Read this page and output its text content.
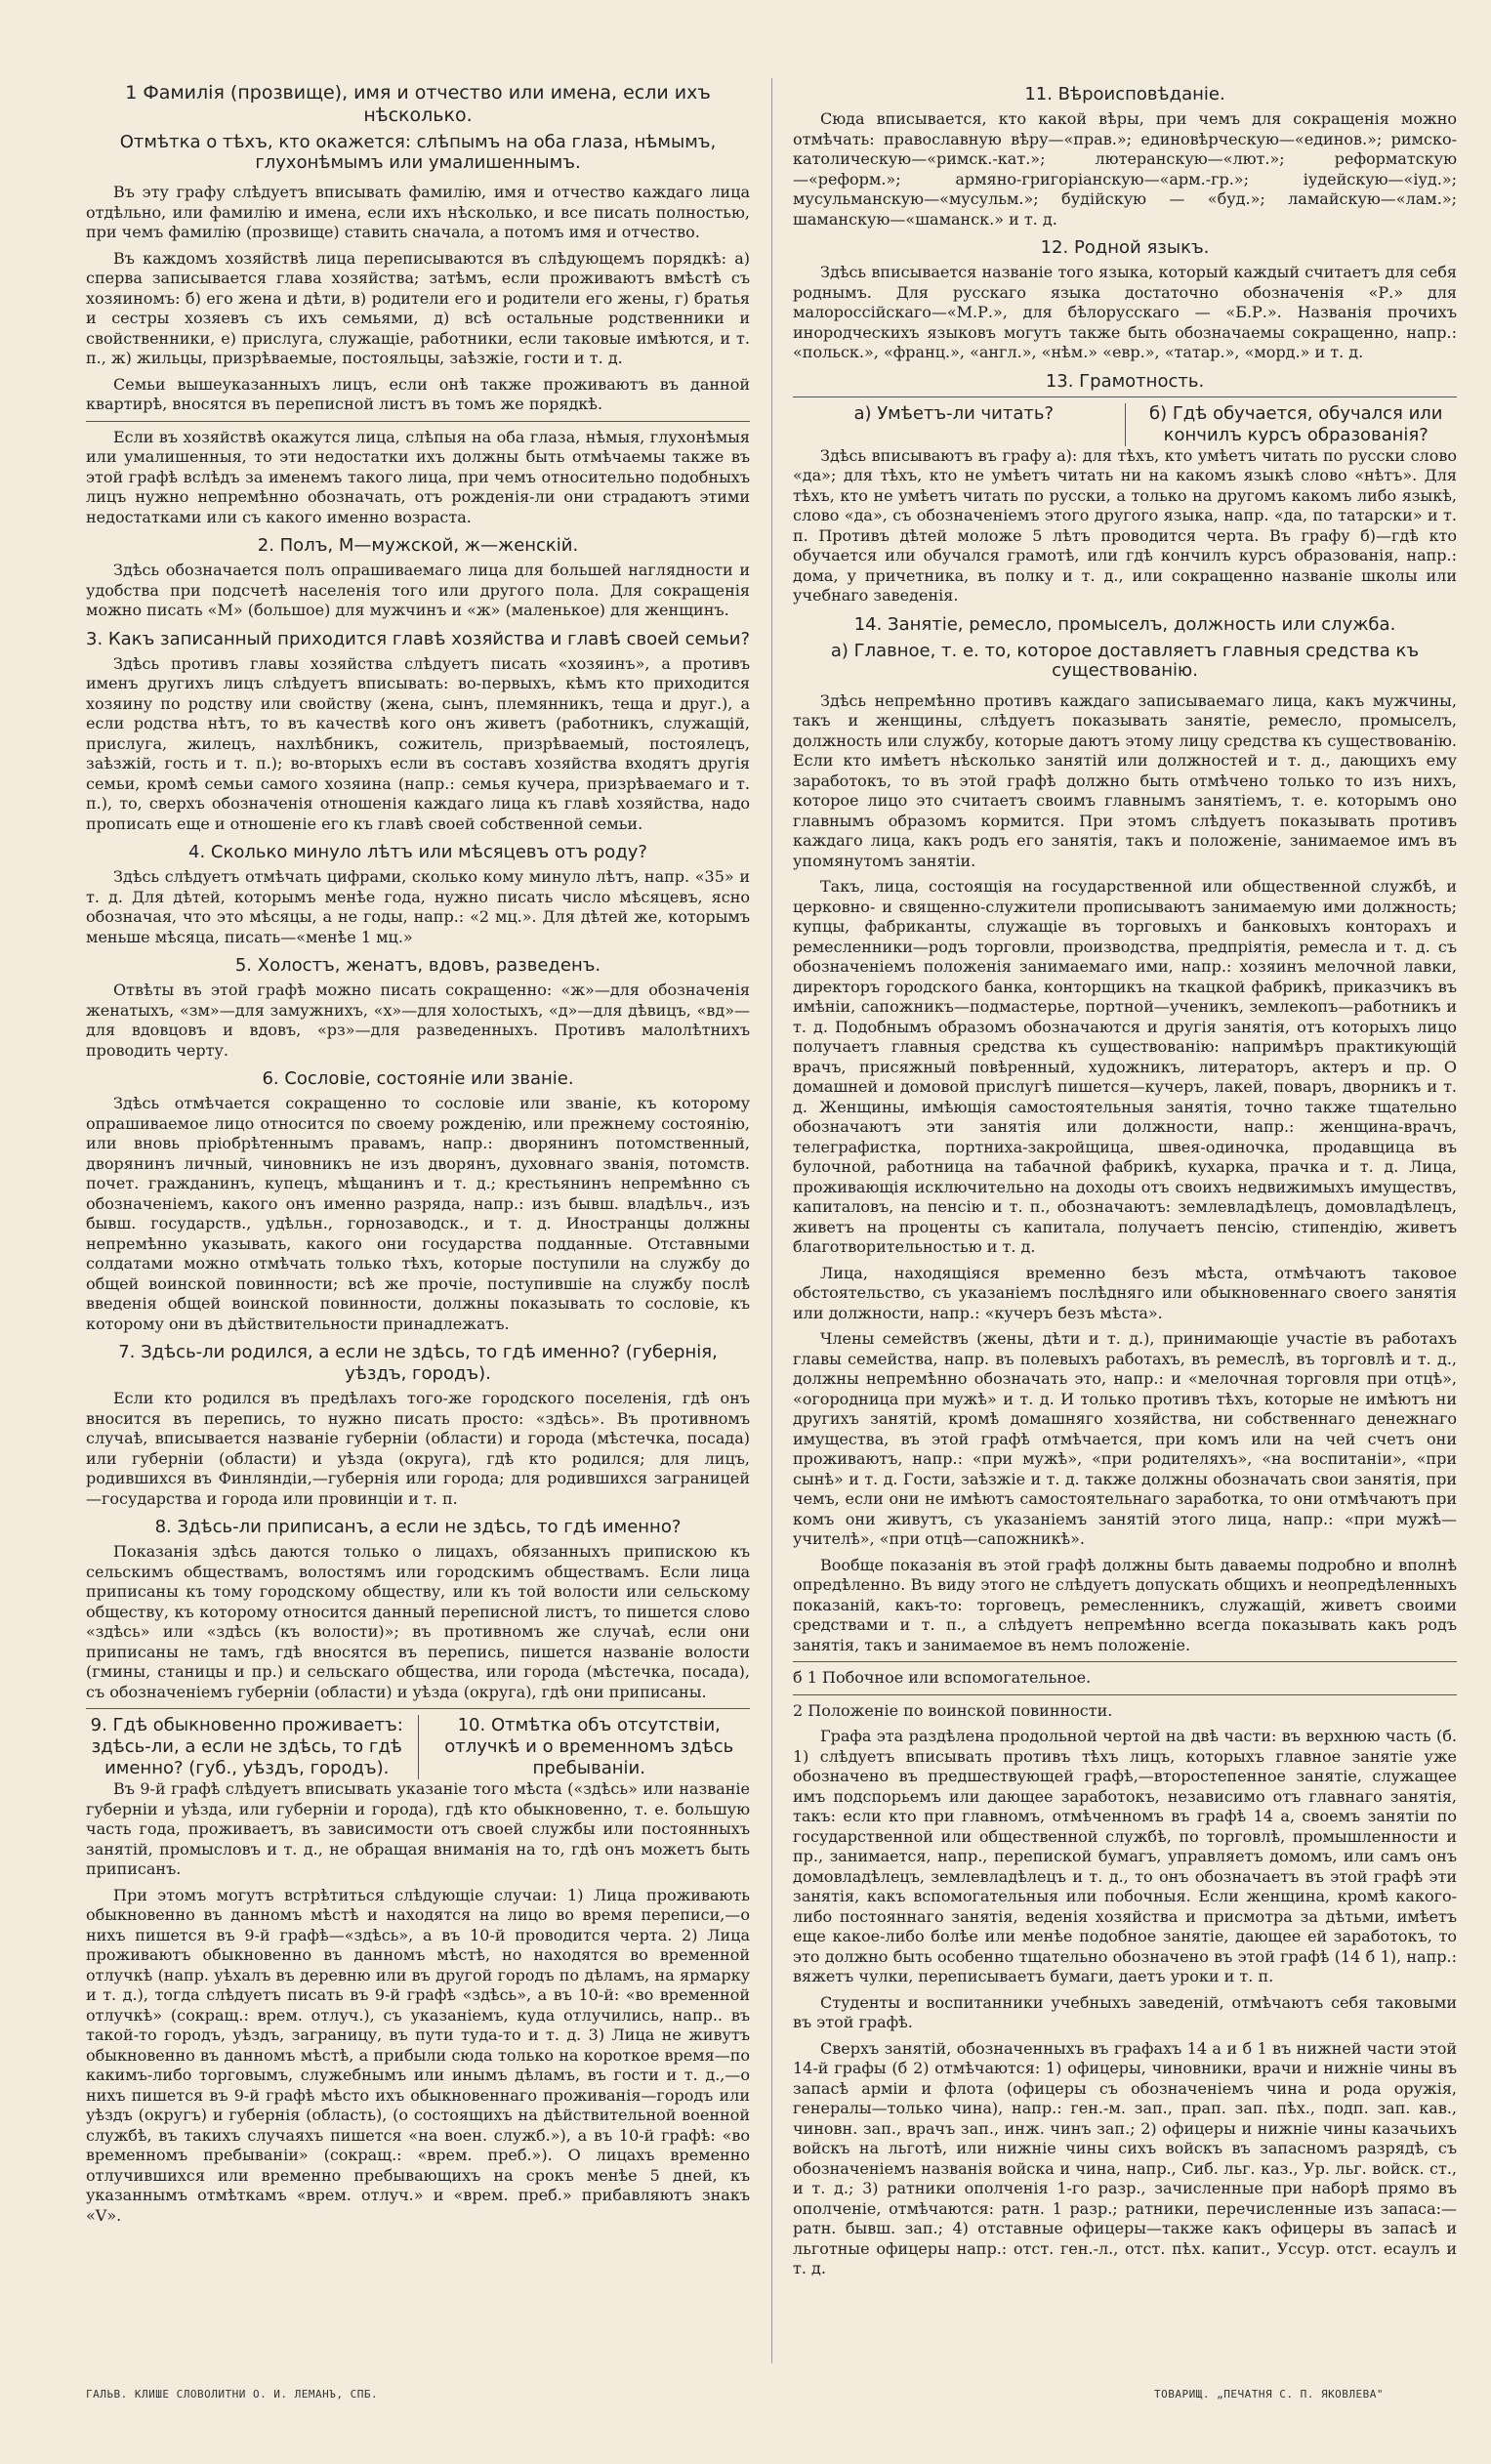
1 Фамилія (прозвище), имя и отчество или имена, если ихъ нѣсколько.
Отмѣтка о тѣхъ, кто окажется: слѣпымъ на оба глаза, нѣмымъ, глухонѣмымъ или умалишеннымъ.

Въ эту графу слѣдуетъ вписывать фамилію, имя и отчество каждаго лица отдѣльно, или фамилію и имена, если ихъ нѣсколько, и все писать полностью, при чемъ фамилію (прозвище) ставить сначала, а потомъ имя и отчество.

Въ каждомъ хозяйствѣ лица переписываются въ слѣдующемъ порядкѣ: а) сперва записывается глава хозяйства; затѣмъ, если проживаютъ вмѣстѣ съ хозяиномъ: б) его жена и дѣти, в) родители его и родители его жены, г) братья и сестры хозяевъ съ ихъ семьями, д) всѣ остальные родственники и свойственники, е) прислуга, служащіе, работники, если таковые имѣются, и т. п., ж) жильцы, призрѣваемые, постояльцы, заѣзжіе, гости и т. д.

Семьи вышеуказанныхъ лицъ, если онѣ также проживаютъ въ данной квартирѣ, вносятся въ переписной листъ въ томъ же порядкѣ.

Если въ хозяйствѣ окажутся лица, слѣпыя на оба глаза, нѣмыя, глухонѣмыя или умалишенныя, то эти недостатки ихъ должны быть отмѣчаемы также въ этой графѣ вслѣдъ за именемъ такого лица, при чемъ относительно подобныхъ лицъ нужно непремѣнно обозначать, отъ рожденія-ли они страдаютъ этими недостатками или съ какого именно возраста.

2. Полъ, М—мужской, ж—женскій.

Здѣсь обозначается полъ опрашиваемаго лица для большей наглядности и удобства при подсчетѣ населенія того или другого пола. Для сокращенія можно писать «М» (большое) для мужчинъ и «ж» (маленькое) для женщинъ.

3. Какъ записанный приходится главѣ хозяйства и главѣ своей семьи?

Здѣсь противъ главы хозяйства слѣдуетъ писать «хозяинъ», а противъ именъ другихъ лицъ слѣдуетъ вписывать: во-первыхъ, кѣмъ кто приходится хозяину по родству или свойству (жена, сынъ, племянникъ, теща и друг.), а если родства нѣтъ, то въ качествѣ кого онъ живетъ (работникъ, служащій, прислуга, жилецъ, нахлѣбникъ, сожитель, призрѣваемый, постоялецъ, заѣзжій, гость и т. п.); во-вторыхъ если въ составъ хозяйства входятъ другія семьи, кромѣ семьи самого хозяина (напр.: семья кучера, призрѣваемаго и т. п.), то, сверхъ обозначенія отношенія каждаго лица къ главѣ хозяйства, надо прописать еще и отношеніе его къ главѣ своей собственной семьи.

4. Сколько минуло лѣтъ или мѣсяцевъ отъ роду?

Здѣсь слѣдуетъ отмѣчать цифрами, сколько кому минуло лѣтъ, напр. «35» и т. д. Для дѣтей, которымъ менѣе года, нужно писать число мѣсяцевъ, ясно обозначая, что это мѣсяцы, а не годы, напр.: «2 мц.». Для дѣтей же, которымъ меньше мѣсяца, писать—«менѣе 1 мц.»

5. Холостъ, женатъ, вдовъ, разведенъ.

Отвѣты въ этой графѣ можно писать сокращенно: «ж»—для обозначенія женатыхъ, «зм»—для замужнихъ, «х»—для холостыхъ, «д»—для дѣвицъ, «вд»—для вдовцовъ и вдовъ, «рз»—для разведенныхъ. Противъ малолѣтнихъ проводить черту.

6. Сословіе, состояніе или званіе.

Здѣсь отмѣчается сокращенно то сословіе или званіе, къ которому опрашиваемое лицо относится по своему рожденію, или прежнему состоянію, или вновь пріобрѣтеннымъ правамъ, напр.: дворянинъ потомственный, дворянинъ личный, чиновникъ не изъ дворянъ, духовнаго званія, потомств. почет. гражданинъ, купецъ, мѣщанинъ и т. д.; крестьянинъ непремѣнно съ обозначеніемъ, какого онъ именно разряда, напр.: изъ бывш. владѣльч., изъ бывш. государств., удѣльн., горнозаводск., и т. д. Иностранцы должны непремѣнно указывать, какого они государства подданные. Отставными солдатами можно отмѣчать только тѣхъ, которые поступили на службу до общей воинской повинности; всѣ же прочіе, поступившіе на службу послѣ введенія общей воинской повинности, должны показывать то сословіе, къ которому они въ дѣйствительности принадлежатъ.

7. Здѣсь-ли родился, а если не здѣсь, то гдѣ именно? (губернія, уѣздъ, городъ).

Если кто родился въ предѣлахъ того-же городского поселенія, гдѣ онъ вносится въ перепись, то нужно писать просто: «здѣсь». Въ противномъ случаѣ, вписывается названіе губерніи (области) и города (мѣстечка, посада) или губерніи (области) и уѣзда (округа), гдѣ кто родился; для лицъ, родившихся въ Финляндіи,—губернія или города; для родившихся заграницей—государства и города или провинціи и т. п.

8. Здѣсь-ли приписанъ, а если не здѣсь, то гдѣ именно?

Показанія здѣсь даются только о лицахъ, обязанныхъ припискою къ сельскимъ обществамъ, волостямъ или городскимъ обществамъ. Если лица приписаны къ тому городскому обществу, или къ той волости или сельскому обществу, къ которому относится данный переписной листъ, то пишется слово «здѣсь» или «здѣсь (къ волости)»; въ противномъ же случаѣ, если они приписаны не тамъ, гдѣ вносятся въ перепись, пишется названіе волости (гмины, станицы и пр.) и сельскаго общества, или города (мѣстечка, посада), съ обозначеніемъ губерніи (области) и уѣзда (округа), гдѣ они приписаны.

9. Гдѣ обыкновенно проживаетъ: здѣсь-ли, а если не здѣсь, то гдѣ именно? (губ., уѣздъ, городъ).
10. Отмѣтка объ отсутствіи, отлучкѣ и о временномъ здѣсь пребываніи.

Въ 9-й графѣ слѣдуетъ вписывать указаніе того мѣста («здѣсь» или названіе губерніи и уѣзда, или губерніи и города), гдѣ кто обыкновенно, т. е. большую часть года, проживаетъ, въ зависимости отъ своей службы или постоянныхъ занятій, промысловъ и т. д., не обращая вниманія на то, гдѣ онъ можетъ быть приписанъ.

При этомъ могутъ встрѣтиться слѣдующіе случаи: 1) Лица проживають обыкновенно въ данномъ мѣстѣ и находятся на лицо во время переписи,—о нихъ пишется въ 9-й графѣ—«здѣсь», а въ 10-й проводится черта. 2) Лица проживаютъ обыкновенно въ данномъ мѣстѣ, но находятся во временной отлучкѣ (напр. уѣхалъ въ деревню или въ другой городъ по дѣламъ, на ярмарку и т. д.), тогда слѣдуетъ писать въ 9-й графѣ «здѣсь», а въ 10-й: «во временной отлучкѣ» (сокращ.: врем. отлуч.), съ указаніемъ, куда отлучились, напр.. въ такой-то городъ, уѣздъ, заграницу, въ пути туда-то и т. д. 3) Лица не живутъ обыкновенно въ данномъ мѣстѣ, а прибыли сюда только на короткое время—по какимъ-либо торговымъ, служебнымъ или инымъ дѣламъ, въ гости и т. д.,—о нихъ пишется въ 9-й графѣ мѣсто ихъ обыкновеннаго проживанія—городъ или уѣздъ (округъ) и губернія (область), (о состоящихъ на дѣйствительной военной службѣ, въ такихъ случаяхъ пишется «на воен. служб.»), а въ 10-й графѣ: «во временномъ пребываніи» (сокращ.: «врем. преб.»). О лицахъ временно отлучившихся или временно пребывающихъ на срокъ менѣе 5 дней, къ указаннымъ отмѣткамъ «врем. отлуч.» и «врем. преб.» прибавляютъ знакъ «V».

11. Вѣроисповѣданіе.

Сюда вписывается, кто какой вѣры, при чемъ для сокращенія можно отмѣчать: православную вѣру—«прав.»; единовѣрческую—«единов.»; римско-католическую—«римск.-кат.»; лютеранскую—«лют.»; реформатскую—«реформ.»; армяно-григоріанскую—«арм.-гр.»; іудейскую—«іуд.»; мусульманскую—«мусульм.»; будійскую — «буд.»; ламайскую—«лам.»; шаманскую—«шаманск.» и т. д.

12. Родной языкъ.

Здѣсь вписывается названіе того языка, который каждый считаетъ для себя роднымъ. Для русскаго языка достаточно обозначенія «Р.» для малороссійскаго—«М.Р.», для бѣлорусскаго — «Б.Р.». Названія прочихъ инородческихъ языковъ могутъ также быть обозначаемы сокращенно, напр.: «польск.», «франц.», «англ.», «нѣм.» «евр.», «татар.», «морд.» и т. д.

13. Грамотность.
а) Умѣетъ-ли читать?	б) Гдѣ обучается, обучался или кончилъ курсъ образованія?

Здѣсь вписываютъ въ графу а): для тѣхъ, кто умѣетъ читать по русски слово «да»; для тѣхъ, кто не умѣетъ читать ни на какомъ языкѣ слово «нѣтъ». Для тѣхъ, кто не умѣетъ читать по русски, а только на другомъ какомъ либо языкѣ, слово «да», съ обозначеніемъ этого другого языка, напр. «да, по татарски» и т. п. Противъ дѣтей моложе 5 лѣтъ проводится черта. Въ графу б)—гдѣ кто обучается или обучался грамотѣ, или гдѣ кончилъ курсъ образованія, напр.: дома, у причетника, въ полку и т. д., или сокращенно названіе школы или учебнаго заведенія.

14. Занятіе, ремесло, промыселъ, должность или служба.
а) Главное, т. е. то, которое доставляетъ главныя средства къ существованію.

Здѣсь непремѣнно противъ каждаго записываемаго лица, какъ мужчины, такъ и женщины, слѣдуетъ показывать занятіе, ремесло, промыселъ, должность или службу, которые даютъ этому лицу средства къ существованію. Если кто имѣетъ нѣсколько занятій или должностей и т. д., дающихъ ему заработокъ, то въ этой графѣ должно быть отмѣчено только то изъ нихъ, которое лицо это считаетъ своимъ главнымъ занятіемъ, т. е. которымъ оно главнымъ образомъ кормится. При этомъ слѣдуетъ показывать противъ каждаго лица, какъ родъ его занятія, такъ и положеніе, занимаемое имъ въ упомянутомъ занятіи.

Такъ, лица, состоящія на государственной или общественной службѣ, и церковно- и священно-служители прописываютъ занимаемую ими должность; купцы, фабриканты, служащіе въ торговыхъ и банковыхъ конторахъ и ремесленники—родъ торговли, производства, предпріятія, ремесла и т. д. съ обозначеніемъ положенія занимаемаго ими, напр.: хозяинъ мелочной лавки, директоръ городского банка, конторщикъ на ткацкой фабрикѣ, приказчикъ въ имѣніи, сапожникъ—подмастерье, портной—ученикъ, землекопъ—работникъ и т. д. Подобнымъ образомъ обозначаются и другія занятія, отъ которыхъ лицо получаетъ главныя средства къ существованію: напримѣръ практикующій врачъ, присяжный повѣренный, художникъ, литераторъ, актеръ и пр. О домашней и домовой прислугѣ пишется—кучеръ, лакей, поваръ, дворникъ и т. д. Женщины, имѣющія самостоятельныя занятія, точно также тщательно обозначаютъ эти занятія или должности, напр.: женщина-врачъ, телеграфистка, портниха-закройщица, швея-одиночка, продавщица въ булочной, работница на табачной фабрикѣ, кухарка, прачка и т. д. Лица, проживающія исключительно на доходы отъ своихъ недвижимыхъ имуществъ, капиталовъ, на пенсію и т. п., обозначаютъ: землевладѣлецъ, домовладѣлецъ, живетъ на проценты съ капитала, получаетъ пенсію, стипендію, живетъ благотворительностью и т. д.

Лица, находящіяся временно безъ мѣста, отмѣчаютъ таковое обстоятельство, съ указаніемъ послѣдняго или обыкновеннаго своего занятія или должности, напр.: «кучеръ безъ мѣста».

Члены семействъ (жены, дѣти и т. д.), принимающіе участіе въ работахъ главы семейства, напр. въ полевыхъ работахъ, въ ремеслѣ, въ торговлѣ и т. д., должны непремѣнно обозначать это, напр.: и «мелочная торговля при отцѣ», «огородница при мужѣ» и т. д. И только противъ тѣхъ, которые не имѣютъ ни другихъ занятій, кромѣ домашняго хозяйства, ни собственнаго денежнаго имущества, въ этой графѣ отмѣчается, при комъ или на чей счетъ они проживаютъ, напр.: «при мужѣ», «при родителяхъ», «на воспитаніи», «при сынѣ» и т. д. Гости, заѣзжіе и т. д. также должны обозначать свои занятія, при чемъ, если они не имѣютъ самостоятельнаго заработка, то они отмѣчаютъ при комъ они живутъ, съ указаніемъ занятій этого лица, напр.: «при мужѣ—учителѣ», «при отцѣ—сапожникѣ».

Вообще показанія въ этой графѣ должны быть даваемы подробно и вполнѣ опредѣленно. Въ виду этого не слѣдуетъ допускать общихъ и неопредѣленныхъ показаній, какъ-то: торговецъ, ремесленникъ, служащій, живетъ своими средствами и т. п., а слѣдуетъ непремѣнно всегда показывать какъ родъ занятія, такъ и занимаемое въ немъ положеніе.

б 1 Побочное или вспомогательное.

2 Положеніе по воинской повинности.

Графа эта раздѣлена продольной чертой на двѣ части: въ верхнюю часть (б. 1) слѣдуетъ вписывать противъ тѣхъ лицъ, которыхъ главное занятіе уже обозначено въ предшествующей графѣ,—второстепенное занятіе, служащее имъ подспорьемъ или дающее заработокъ, независимо отъ главнаго занятія, такъ: если кто при главномъ, отмѣченномъ въ графѣ 14 а, своемъ занятіи по государственной или общественной службѣ, по торговлѣ, промышленности и пр., занимается, напр., перепиской бумагъ, управляетъ домомъ, или самъ онъ домовладѣлецъ, землевладѣлецъ и т. д., то онъ обозначаетъ въ этой графѣ эти занятія, какъ вспомогательныя или побочныя. Если женщина, кромѣ какого-либо постояннаго занятія, веденія хозяйства и присмотра за дѣтьми, имѣетъ еще какое-либо болѣе или менѣе подобное занятіе, дающее ей заработокъ, то это должно быть особенно тщательно обозначено въ этой графѣ (14 б 1), напр.: вяжетъ чулки, переписываетъ бумаги, даетъ уроки и т. п.

Студенты и воспитанники учебныхъ заведеній, отмѣчаютъ себя таковыми въ этой графѣ.

Сверхъ занятій, обозначенныхъ въ графахъ 14 а и б 1 въ нижней части этой 14-й графы (б 2) отмѣчаются: 1) офицеры, чиновники, врачи и нижніе чины въ запасѣ арміи и флота (офицеры съ обозначеніемъ чина и рода оружія, генералы—только чина), напр.: ген.-м. зап., прап. зап. пѣх., подп. зап. кав., чиновн. зап., врачъ зап., инж. чинъ зап.; 2) офицеры и нижніе чины казачьихъ войскъ на льготѣ, или нижніе чины сихъ войскъ въ запасномъ разрядѣ, съ обозначеніемъ названія войска и чина, напр., Сиб. льг. каз., Ур. льг. войск. ст., и т. д.; 3) ратники ополченія 1-го разр., зачисленные при наборѣ прямо въ ополченіе, отмѣчаются: ратн. 1 разр.; ратники, перечисленные изъ запаса:—ратн. бывш. зап.; 4) отставные офицеры—также какъ офицеры въ запасѣ и льготные офицеры напр.: отст. ген.-л., отст. пѣх. капит., Уссур. отст. есаулъ и т. д.

ГАЛЬВ. КЛИШЕ СЛОВОЛИТНИ О. И. ЛЕМАНЪ, СПБ.	ТОВАРИЩ. „ПЕЧАТНЯ С. П. ЯКОВЛЕВА"
